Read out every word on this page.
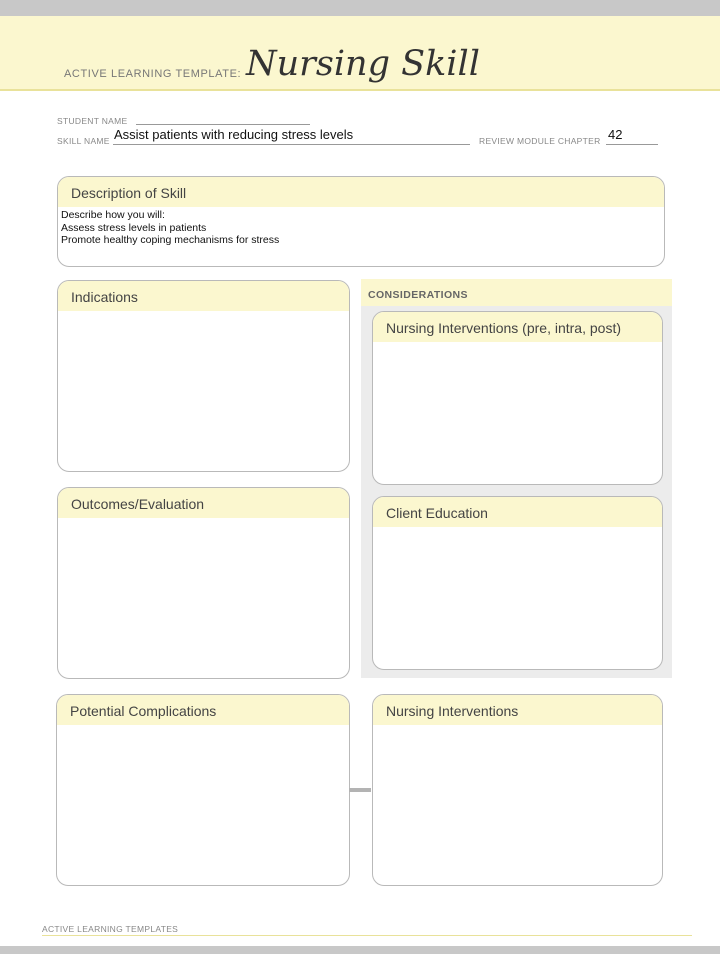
ACTIVE LEARNING TEMPLATE: Nursing Skill
STUDENT NAME
SKILL NAME Assist patients with reducing stress levels	REVIEW MODULE CHAPTER 42
Description of Skill
Describe how you will:
Assess stress levels in patients
Promote healthy coping mechanisms for stress
CONSIDERATIONS
Indications
Outcomes/Evaluation
Potential Complications
Nursing Interventions (pre, intra, post)
Client Education
Nursing Interventions
ACTIVE LEARNING TEMPLATES
